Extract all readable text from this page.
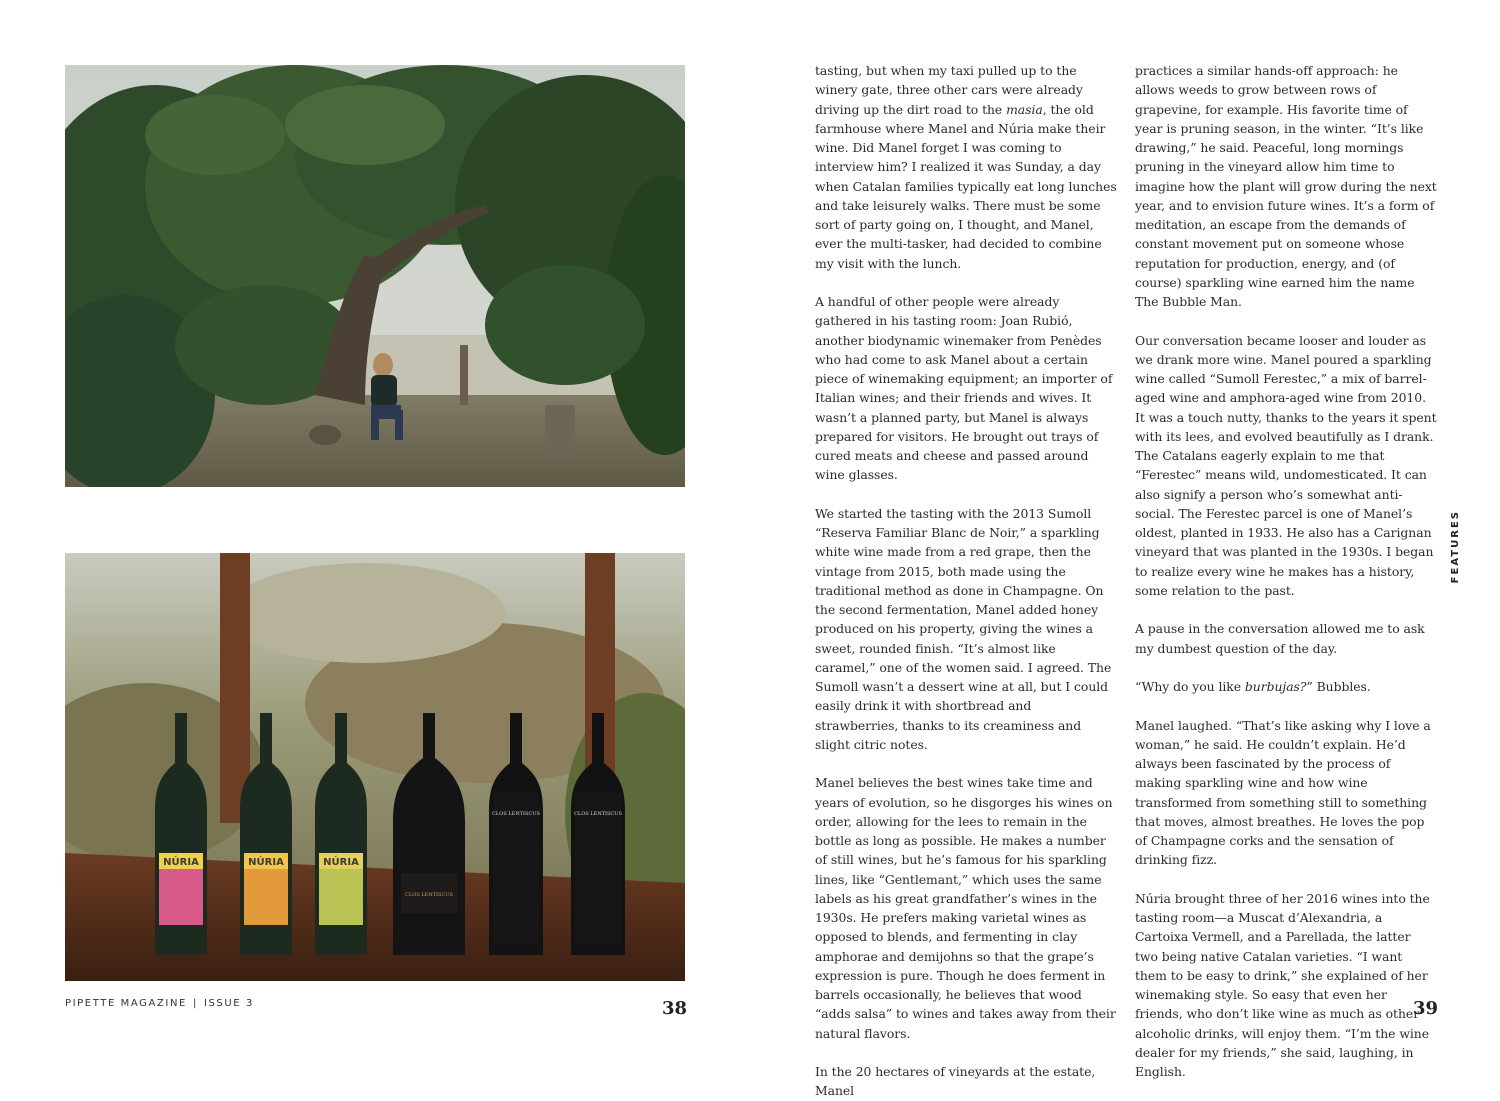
NÚRIA	NÚRIA	NÚRIA
CLOS LENTISCUS
CLOS LENTISCUS	CLOS LENTISCUS

tasting, but when my taxi pulled up to the winery gate, three other cars were already driving up the dirt road to the masia, the old farmhouse where Manel and Núria make their wine. Did Manel forget I was coming to interview him? I realized it was Sunday, a day when Catalan families typically eat long lunches and take leisurely walks. There must be some sort of party going on, I thought, and Manel, ever the multi-tasker, had decided to combine my visit with the lunch.

A handful of other people were already gathered in his tasting room: Joan Rubió, another biodynamic winemaker from Penèdes who had come to ask Manel about a certain piece of winemaking equipment; an importer of Italian wines; and their friends and wives. It wasn’t a planned party, but Manel is always prepared for visitors. He brought out trays of cured meats and cheese and passed around wine glasses.

We started the tasting with the 2013 Sumoll “Reserva Familiar Blanc de Noir,” a sparkling white wine made from a red grape, then the vintage from 2015, both made using the traditional method as done in Champagne. On the second fermentation, Manel added honey produced on his property, giving the wines a sweet, rounded finish. “It’s almost like caramel,” one of the women said. I agreed. The Sumoll wasn’t a dessert wine at all, but I could easily drink it with shortbread and strawberries, thanks to its creaminess and slight citric notes.

Manel believes the best wines take time and years of evolution, so he disgorges his wines on order, allowing for the lees to remain in the bottle as long as possible. He makes a number of still wines, but he’s famous for his sparkling lines, like “Gentlemant,” which uses the same labels as his great grandfather’s wines in the 1930s. He prefers making varietal wines as opposed to blends, and fermenting in clay amphorae and demijohns so that the grape’s expression is pure. Though he does ferment in barrels occasionally, he believes that wood “adds salsa” to wines and takes away from their natural flavors.

In the 20 hectares of vineyards at the estate, Manel

practices a similar hands-off approach: he allows weeds to grow between rows of grapevine, for example. His favorite time of year is pruning season, in the winter. “It’s like drawing,” he said. Peaceful, long mornings pruning in the vineyard allow him time to imagine how the plant will grow during the next year, and to envision future wines. It’s a form of meditation, an escape from the demands of constant movement put on someone whose reputation for production, energy, and (of course) sparkling wine earned him the name The Bubble Man.

Our conversation became looser and louder as we drank more wine. Manel poured a sparkling wine called “Sumoll Ferestec,” a mix of barrel-aged wine and amphora-aged wine from 2010. It was a touch nutty, thanks to the years it spent with its lees, and evolved beautifully as I drank. The Catalans eagerly explain to me that “Ferestec” means wild, undomesticated. It can also signify a person who’s somewhat anti-social. The Ferestec parcel is one of Manel’s oldest, planted in 1933. He also has a Carignan vineyard that was planted in the 1930s. I began to realize every wine he makes has a history, some relation to the past.

A pause in the conversation allowed me to ask my dumbest question of the day.

“Why do you like burbujas?” Bubbles.

Manel laughed. “That’s like asking why I love a woman,” he said. He couldn’t explain. He’d always been fascinated by the process of making sparkling wine and how wine transformed from something still to something that moves, almost breathes. He loves the pop of Champagne corks and the sensation of drinking fizz.

Núria brought three of her 2016 wines into the tasting room—a Muscat d’Alexandria, a Cartoixa Vermell, and a Parellada, the latter two being native Catalan varieties. “I want them to be easy to drink,” she explained of her winemaking style. So easy that even her friends, who don’t like wine as much as other alcoholic drinks, will enjoy them. “I’m the wine dealer for my friends,” she said, laughing, in English.

FEATURES
PIPETTE MAGAZINE | ISSUE 3	38	39
